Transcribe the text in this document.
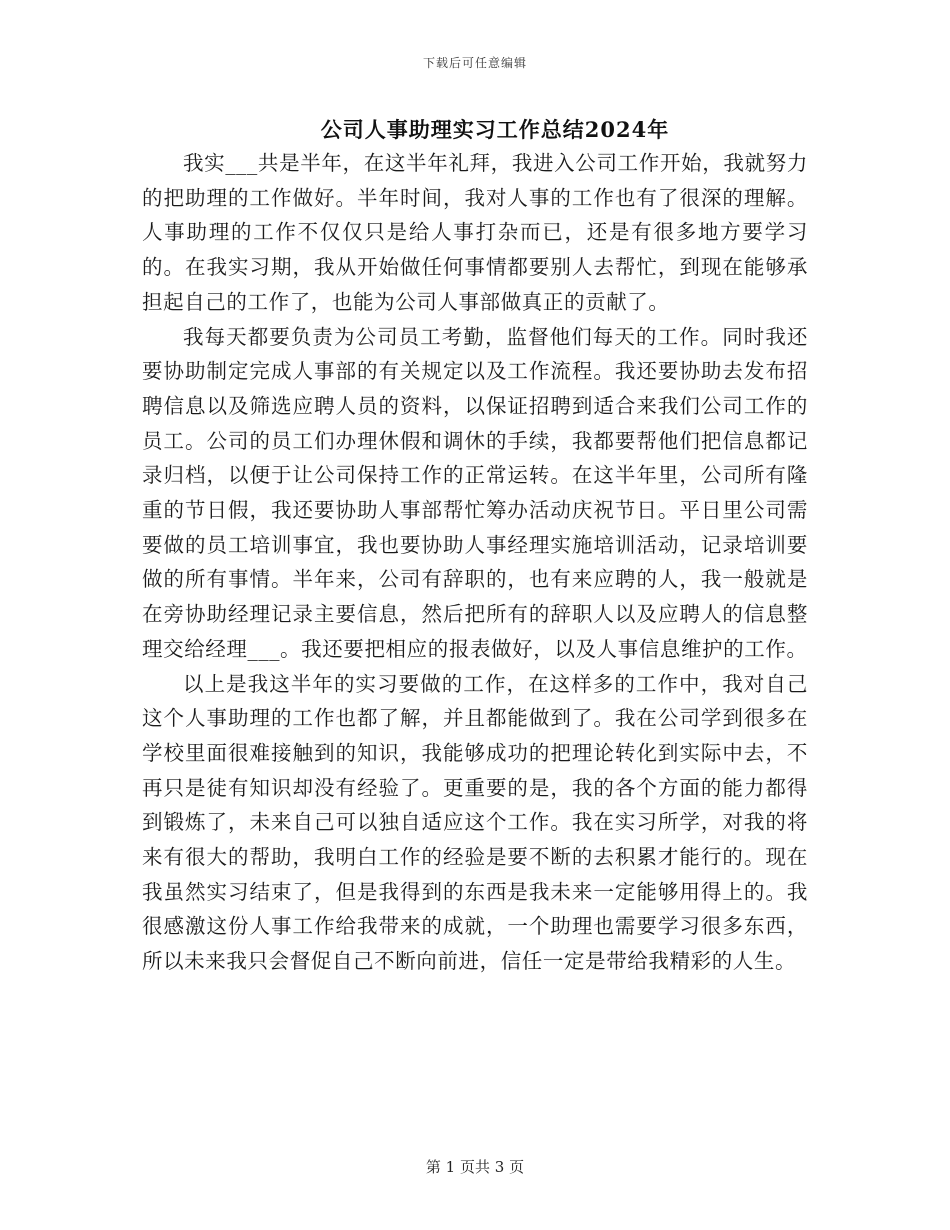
下载后可任意编辑
公司人事助理实习工作总结2024年

我实___共是半年，在这半年礼拜，我进入公司工作开始，我就努力的把助理的工作做好。半年时间，我对人事的工作也有了很深的理解。人事助理的工作不仅仅只是给人事打杂而已，还是有很多地方要学习的。在我实习期，我从开始做任何事情都要别人去帮忙，到现在能够承担起自己的工作了，也能为公司人事部做真正的贡献了。

我每天都要负责为公司员工考勤，监督他们每天的工作。同时我还要协助制定完成人事部的有关规定以及工作流程。我还要协助去发布招聘信息以及筛选应聘人员的资料，以保证招聘到适合来我们公司工作的员工。公司的员工们办理休假和调休的手续，我都要帮他们把信息都记录归档，以便于让公司保持工作的正常运转。在这半年里，公司所有隆重的节日假，我还要协助人事部帮忙筹办活动庆祝节日。平日里公司需要做的员工培训事宜，我也要协助人事经理实施培训活动，记录培训要做的所有事情。半年来，公司有辞职的，也有来应聘的人，我一般就是在旁协助经理记录主要信息，然后把所有的辞职人以及应聘人的信息整理交给经理___。我还要把相应的报表做好，以及人事信息维护的工作。

以上是我这半年的实习要做的工作，在这样多的工作中，我对自己这个人事助理的工作也都了解，并且都能做到了。我在公司学到很多在学校里面很难接触到的知识，我能够成功的把理论转化到实际中去，不再只是徒有知识却没有经验了。更重要的是，我的各个方面的能力都得到锻炼了，未来自己可以独自适应这个工作。我在实习所学，对我的将来有很大的帮助，我明白工作的经验是要不断的去积累才能行的。现在我虽然实习结束了，但是我得到的东西是我未来一定能够用得上的。我很感激这份人事工作给我带来的成就，一个助理也需要学习很多东西，所以未来我只会督促自己不断向前进，信任一定是带给我精彩的人生。

第 1 页共 3 页
